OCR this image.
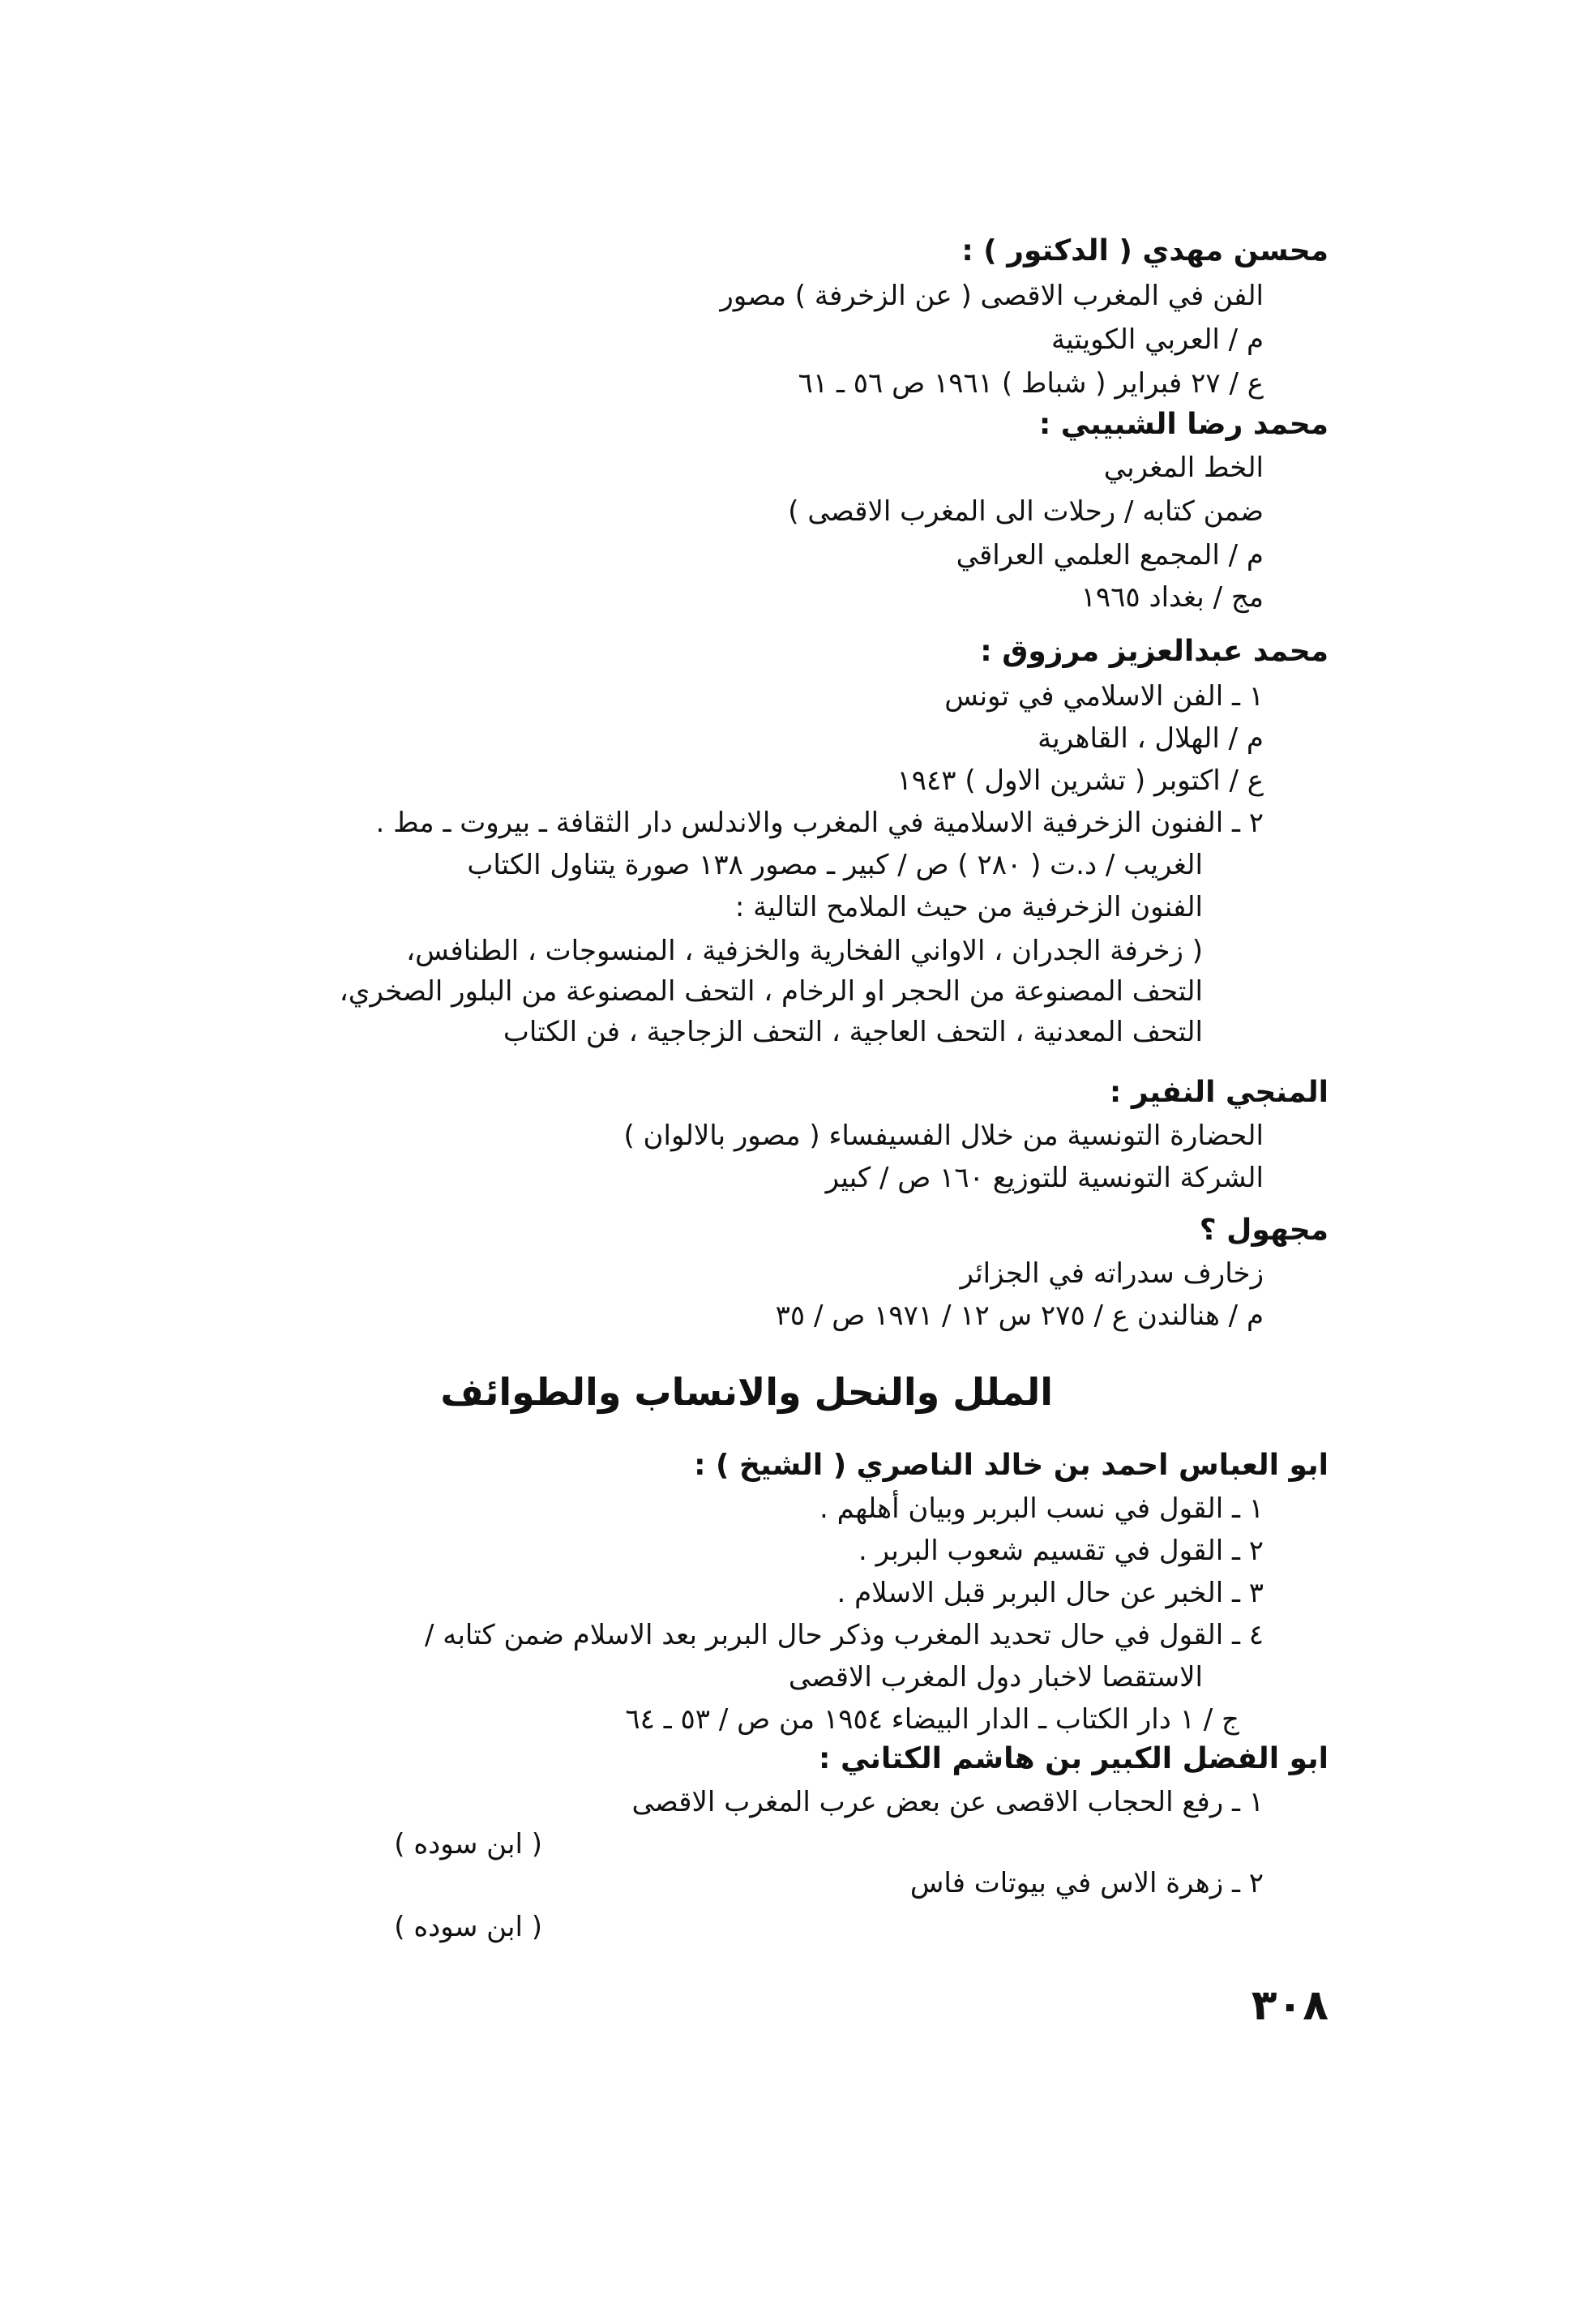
محسن مهدي ( الدكتور ) :
الفن في المغرب الاقصى ( عن الزخرفة ) مصور
م / العربي الكويتية
ع / ٢٧ فبراير ( شباط ) ١٩٦١ ص ٥٦ ـ ٦١
محمد رضا الشبيبي :
الخط المغربي
ضمن كتابه / رحلات الى المغرب الاقصى )
م / المجمع العلمي العراقي
مج / بغداد ١٩٦٥
محمد عبدالعزيز مرزوق :
١ ـ الفن الاسلامي في تونس
م / الهلال ، القاهرية
ع / اكتوبر ( تشرين الاول ) ١٩٤٣
٢ ـ الفنون الزخرفية الاسلامية في المغرب والاندلس دار الثقافة ـ بيروت ـ مط .
الغريب / د.ت ( ٢٨٠ ) ص / كبير ـ مصور ١٣٨ صورة يتناول الكتاب
الفنون الزخرفية من حيث الملامح التالية :
( زخرفة الجدران ، الاواني الفخارية والخزفية ، المنسوجات ، الطنافس،
التحف المصنوعة من الحجر او الرخام ، التحف المصنوعة من البلور الصخري،
التحف المعدنية ، التحف العاجية ، التحف الزجاجية ، فن الكتاب
المنجي النفير :
الحضارة التونسية من خلال الفسيفساء ( مصور بالالوان )
الشركة التونسية للتوزيع ١٦٠ ص / كبير
مجهول ؟
زخارف سدراته في الجزائر
م / هنالندن ع / ٢٧٥ س ١٢ / ١٩٧١ ص / ٣٥
الملل والنحل والانساب والطوائف
ابو العباس احمد بن خالد الناصري ( الشيخ ) :
١ ـ القول في نسب البربر وبيان أهلهم .
٢ ـ القول في تقسيم شعوب البربر .
٣ ـ الخبر عن حال البربر قبل الاسلام .
٤ ـ القول في حال تحديد المغرب وذكر حال البربر بعد الاسلام ضمن كتابه /
الاستقصا لاخبار دول المغرب الاقصى
ج / ١ دار الكتاب ـ الدار البيضاء ١٩٥٤ من ص / ٥٣ ـ ٦٤
ابو الفضل الكبير بن هاشم الكتاني :
١ ـ رفع الحجاب الاقصى عن بعض عرب المغرب الاقصى
( ابن سوده )
٢ ـ زهرة الاس في بيوتات فاس
( ابن سوده )
٣٠٨
